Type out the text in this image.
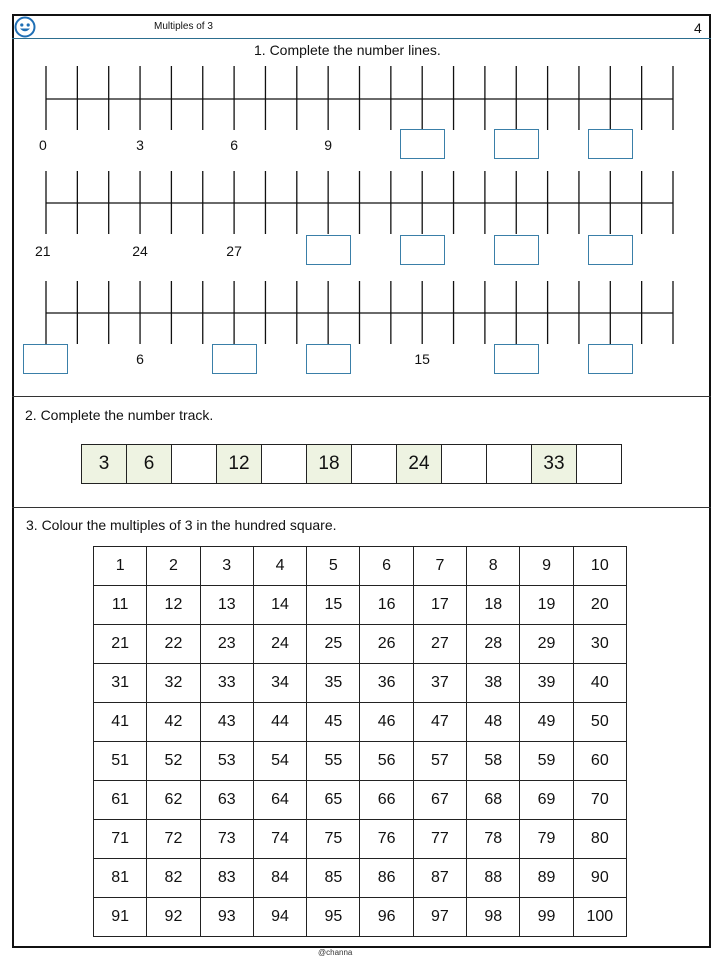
Multiples of 3	4
1. Complete the number lines.
0	3	6	9
21	24	27
6	15
2. Complete the number track.
3	6	12	18	24	33
3. Colour the multiples of 3 in the hundred square.
1	2	3	4	5	6	7	8	9	10
11	12	13	14	15	16	17	18	19	20
21	22	23	24	25	26	27	28	29	30
31	32	33	34	35	36	37	38	39	40
41	42	43	44	45	46	47	48	49	50
51	52	53	54	55	56	57	58	59	60
61	62	63	64	65	66	67	68	69	70
71	72	73	74	75	76	77	78	79	80
81	82	83	84	85	86	87	88	89	90
91	92	93	94	95	96	97	98	99	100
@channa
